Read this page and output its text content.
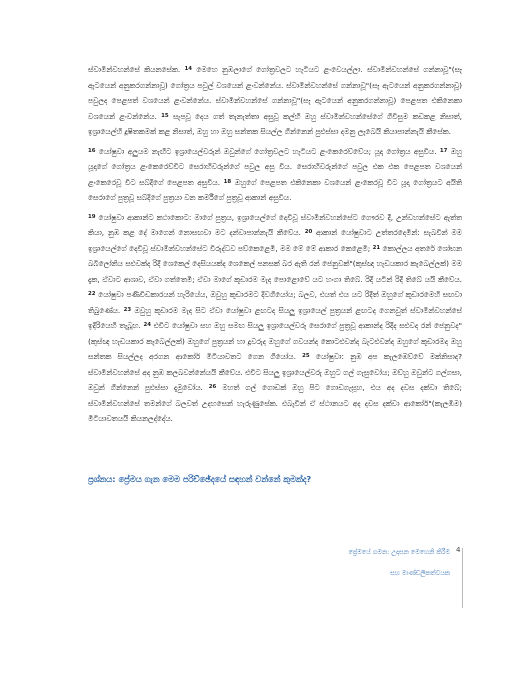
ස්වාමීන්වහන්සේ කියනසේක. $^{14}$ මෙහෙ නුඹලාගේ ගෝත්‍රවලට හැටියට ළංවෙයල්ලා. ස්වාමීන්වහන්සේ ගන්නාවූ"(සෑ ඇටයෙන් අනුකරගන්නාවූ) ගෝත්‍රය පවුල් වශයෙන් ළංවන්නේය. ස්වාමීන්වහන්සේ ගන්නාවූ"(සෑ ඇටයෙන් අනුකරගන්නාවූ) පවුලද පෙළපත් වශයෙන් ළංවන්නේය. ස්වාමීන්වහන්සේ ගන්නාවූ"(සෑ ඇටයෙන් අනුකරගන්නාවූ) පෙළපත එකිනෙකා වශයෙන් ළංවන්නේය. $^{15}$ සැපවූ දෙය ගත් තැනැත්තා අසුවූ කල්හි ඔහු ස්වාමීන්වහන්සේගේ ගිවිසුම කඩකළ නිසාත්, ඉශ්‍රායෙල්හි දූෂිතකමක් කළ නිසාත්, ඔහු හා ඔහු සන්තක සියල්ල ගින්නෙන් පුළුස්සා දමනු ලැබෙයි කියාපාන්නැයි කීසේක.

$^{16}$ යෝෂුවා අලුයම නැඟිට ඉශ්‍රායෙල්වරුන් ඔවුන්ගේ ගෝත්‍රවලට හැටියට ළංකෙරෙව්වේය; යූදා ගෝත්‍රය අසුවිය. $^{17}$ ඔහු යූදාගේ ගෝත්‍රය ළංකෙරෙව්විට සෙරාහිවරුන්ගේ පවුල අසු විය. සෙරාහිවරුන්ගේ පවුල එක එක පෙළපත වශයෙන් ළංකෙරෙවූ විට සබ්දිගේ පෙළපත අසුවිය. $^{18}$ ඔහුගේ පෙළපත එකිනෙකා වශයෙන් ළංකෙරවූ විට යූදා ගෝත්‍රයට අයිති සෙරාගේ පුත්‍රවූ සබ්දිගේ පුත්‍රයා වන කර්මීගේ පුත්‍රවූ ආකාන් අසුවිය.

$^{19}$ යෝෂුවා ආකාන්ට කථාකොට: මාගේ පුත්‍රය, ඉශ්‍රායෙල්ගේ දෙවිවූ ස්වාමීන්වහන්සේට ගෞරව දී, උන්වහන්සේට ඇත්ත කියා, නුඹ කළ දේ මාගෙන් නොසඟවා මට දන්වාපාන්නැයි කීවේය. $^{20}$ ආකාන් යෝෂුවාට උත්තරදෙමින්: සැබවින් මම ඉශ්‍රායෙල්ගේ දෙවිවූ ස්වාමීන්වහන්සේට විරුද්ධව පව්කෙළෙමි, මම මේ මේ ආකාර කෙළෙමි; $^{21}$ කොල්ලය අතරේ ශෝභන බබිලෝනිය සළුවක්ද රිදී ශෙකෙල් දෙසියයක්ද ශෙකෙල් පනසක් බර ඇති රන් ජෙනුවක්"(කුස්ඥ හැඩයකාර කැබෙල්ලක්) මම දැක, ඒවාට ආශාව, ඒවා ගත්තෙමි; ඒවා මාගේ කූඩාරම මැද පොළොවේ යට හංගා තිබේ. රිදී යටින් රිදී තිබේ යයි කීවේය. $^{22}$ යෝෂුවා පණිවිඩකාරයන් හැරියේය, ඔවුහු කූඩාරමට දිවගියෝය; බලව, එයත් එය යට රිදීත් ඔහුගේ කූඩාරමෙහි සඟවා තිබුණේය. $^{23}$ ඔවුහු කූඩාරම මැද සිට ඒවා යෝෂුවා ළඟටද සියලු ඉශ්‍රායෙල් පුත්‍රයන් ළඟටද ගෙනවුත් ස්වාමීන්වහන්සේ ඉදිරියෙහි තැබූහ. $^{24}$ එවිට යෝෂුවා සහ ඔහු සමඟ සියලු ඉශ්‍රායෙල්වරු සෙරාගේ පුත්‍රවූ ආකාන්ද රිදීද සළුවද රන් ජෙනුවද"(කුස්ඥ හැඩයකාර කැබෙල්ලක්) ඔහුගේ පුත්‍රයන් හා දූවරුද ඔහුගේ ගවයන්ද කොටළුවන්ද බැටළුවන්ද ඔහුගේ කූඩාරමද ඔහු සන්තක සියල්ලද අරගන ආකෝර් මිටියාවතට ගෙන ගියෝය. $^{25}$ යෝෂුවා: නුඹ අප කැලඹෙව්වේ මක්නිසාද? ස්වාමීන්වහන්සේ අද නුඹ කලබවන්නේයයි කීවේය. එවිට සියලු ඉශ්‍රායෙල්වරු ඔහුට ගල් ගැසුවෝය; ඔව්හු ඔවුන්ට ගල්ගසා, ඔවුන් ගින්නෙන් පුළුස්සා දැමුවෝය. $^{26}$ මහත් ගල් ගොඩක් ඔහු පිට ගොඩගැසූහ, එය අද දවස දක්වා තිබේ; ස්වාමීන්වහන්සේ තමන්ගේ බලවත් උදහසෙන් හැරුණුසේක. එබැවින් ඒ ස්ථානයට අද දවස දක්වා ආකෝර්"(කැලඹීම) මිටියාවතයයි කියනලද්දේය.

ප්‍රශ්නය: ප්‍රේමය ගැන මෙම පරිච්ඡේදයේ සඳහන් වන්නේ කුමක්ද?
ප්‍රේමයේ ගමන: උදාසන මෙහෙනි කිරීම
සහ මාණ්ඩලිකත්වයක
4
